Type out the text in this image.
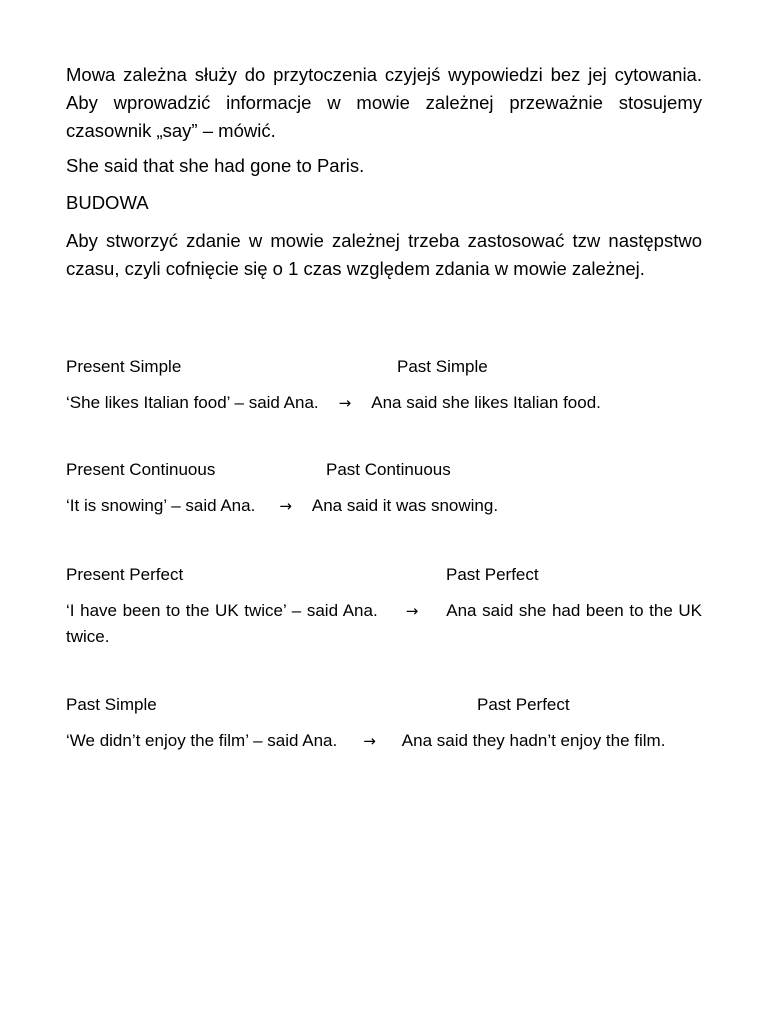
Mowa zależna służy do przytoczenia czyjejś wypowiedzi bez jej cytowania. Aby wprowadzić informacje w mowie zależnej przeważnie stosujemy czasownik „say” – mówić.

She said that she had gone to Paris.

BUDOWA

Aby stworzyć zdanie w mowie zależnej trzeba zastosować tzw następstwo czasu, czyli cofnięcie się o 1 czas względem zdania w mowie zależnej.

Present Simple	Past Simple
‘She likes Italian food’ – said Ana. → Ana said she likes Italian food.
Present Continuous	Past Continuous
‘It is snowing’ – said Ana. → Ana said it was snowing.
Present Perfect	Past Perfect
‘I have been to the UK twice’ – said Ana. → Ana said she had been to the UK twice.
Past Simple	Past Perfect
‘We didn’t enjoy the film’ – said Ana. → Ana said they hadn’t enjoy the film.
